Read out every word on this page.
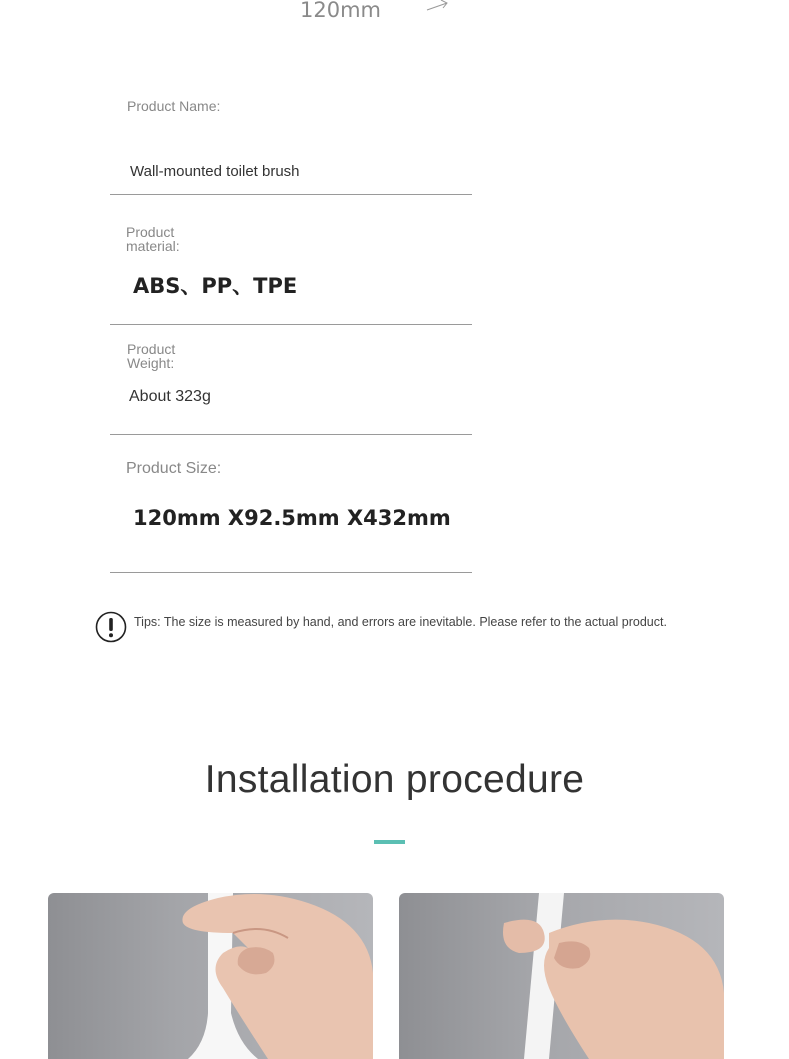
120mm
Product Name:
Wall-mounted toilet brush
Product
material:
ABS、PP、TPE
Product
Weight:
About 323g
Product Size:
120mm X92.5mm X432mm
Tips: The size is measured by hand, and errors are inevitable. Please refer to the actual product.
Installation procedure
